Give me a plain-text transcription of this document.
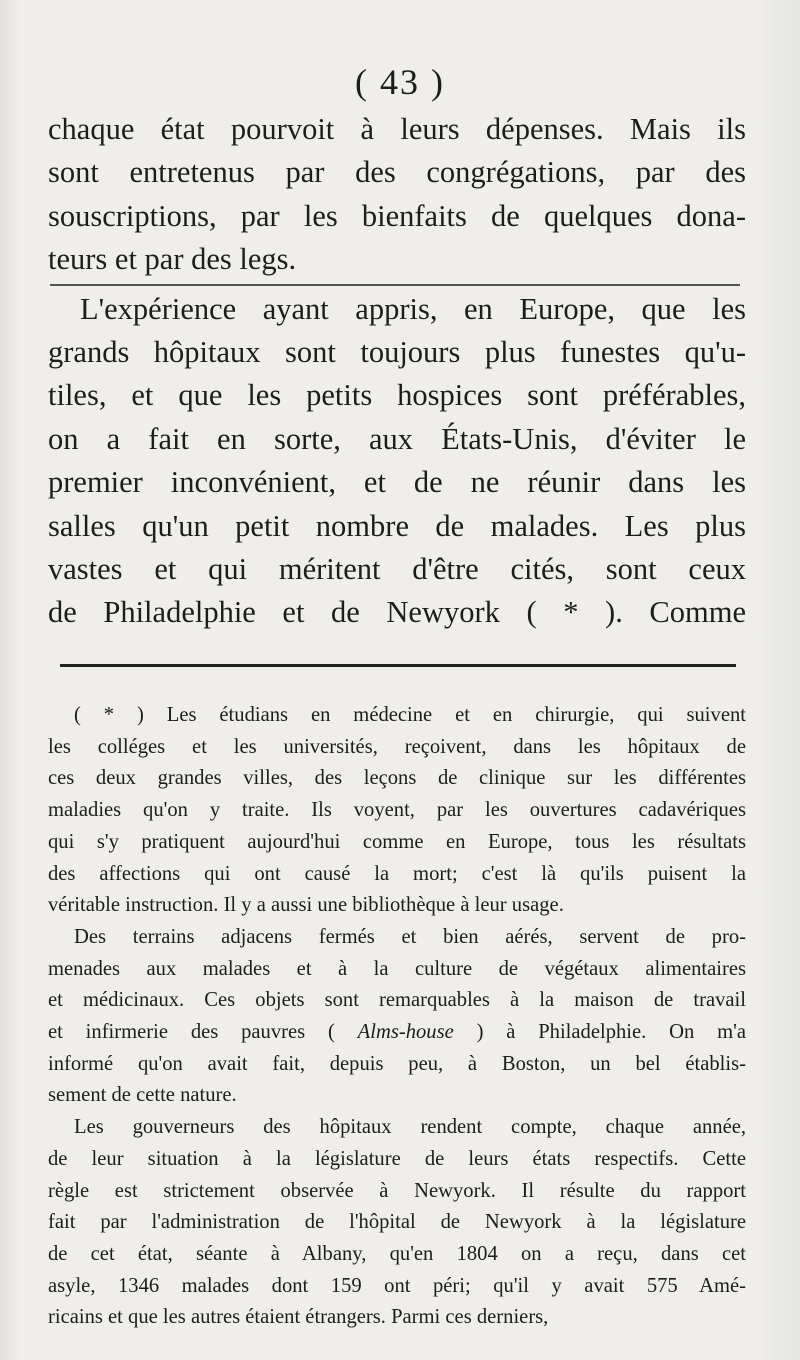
( 43 )

chaque état pourvoit à leurs dépenses. Mais ils

sont entretenus par des congrégations, par des

souscriptions, par les bienfaits de quelques dona-

teurs et par des legs.

L'expérience ayant appris, en Europe, que les

grands hôpitaux sont toujours plus funestes qu'u-

tiles, et que les petits hospices sont préférables,

on a fait en sorte, aux États-Unis, d'éviter le

premier inconvénient, et de ne réunir dans les

salles qu'un petit nombre de malades. Les plus

vastes et qui méritent d'être cités, sont ceux

de Philadelphie et de Newyork ( * ). Comme

( * ) Les étudians en médecine et en chirurgie, qui suivent

les colléges et les universités, reçoivent, dans les hôpitaux de

ces deux grandes villes, des leçons de clinique sur les différentes

maladies qu'on y traite. Ils voyent, par les ouvertures cadavériques

qui s'y pratiquent aujourd'hui comme en Europe, tous les résultats

des affections qui ont causé la mort; c'est là qu'ils puisent la

véritable instruction. Il y a aussi une bibliothèque à leur usage.

Des terrains adjacens fermés et bien aérés, servent de pro-

menades aux malades et à la culture de végétaux alimentaires

et médicinaux. Ces objets sont remarquables à la maison de travail

et infirmerie des pauvres ( Alms-house ) à Philadelphie. On m'a

informé qu'on avait fait, depuis peu, à Boston, un bel établis-

sement de cette nature.

Les gouverneurs des hôpitaux rendent compte, chaque année,

de leur situation à la législature de leurs états respectifs. Cette

règle est strictement observée à Newyork. Il résulte du rapport

fait par l'administration de l'hôpital de Newyork à la législature

de cet état, séante à Albany, qu'en 1804 on a reçu, dans cet

asyle, 1346 malades dont 159 ont péri; qu'il y avait 575 Amé-

ricains et que les autres étaient étrangers. Parmi ces derniers,
